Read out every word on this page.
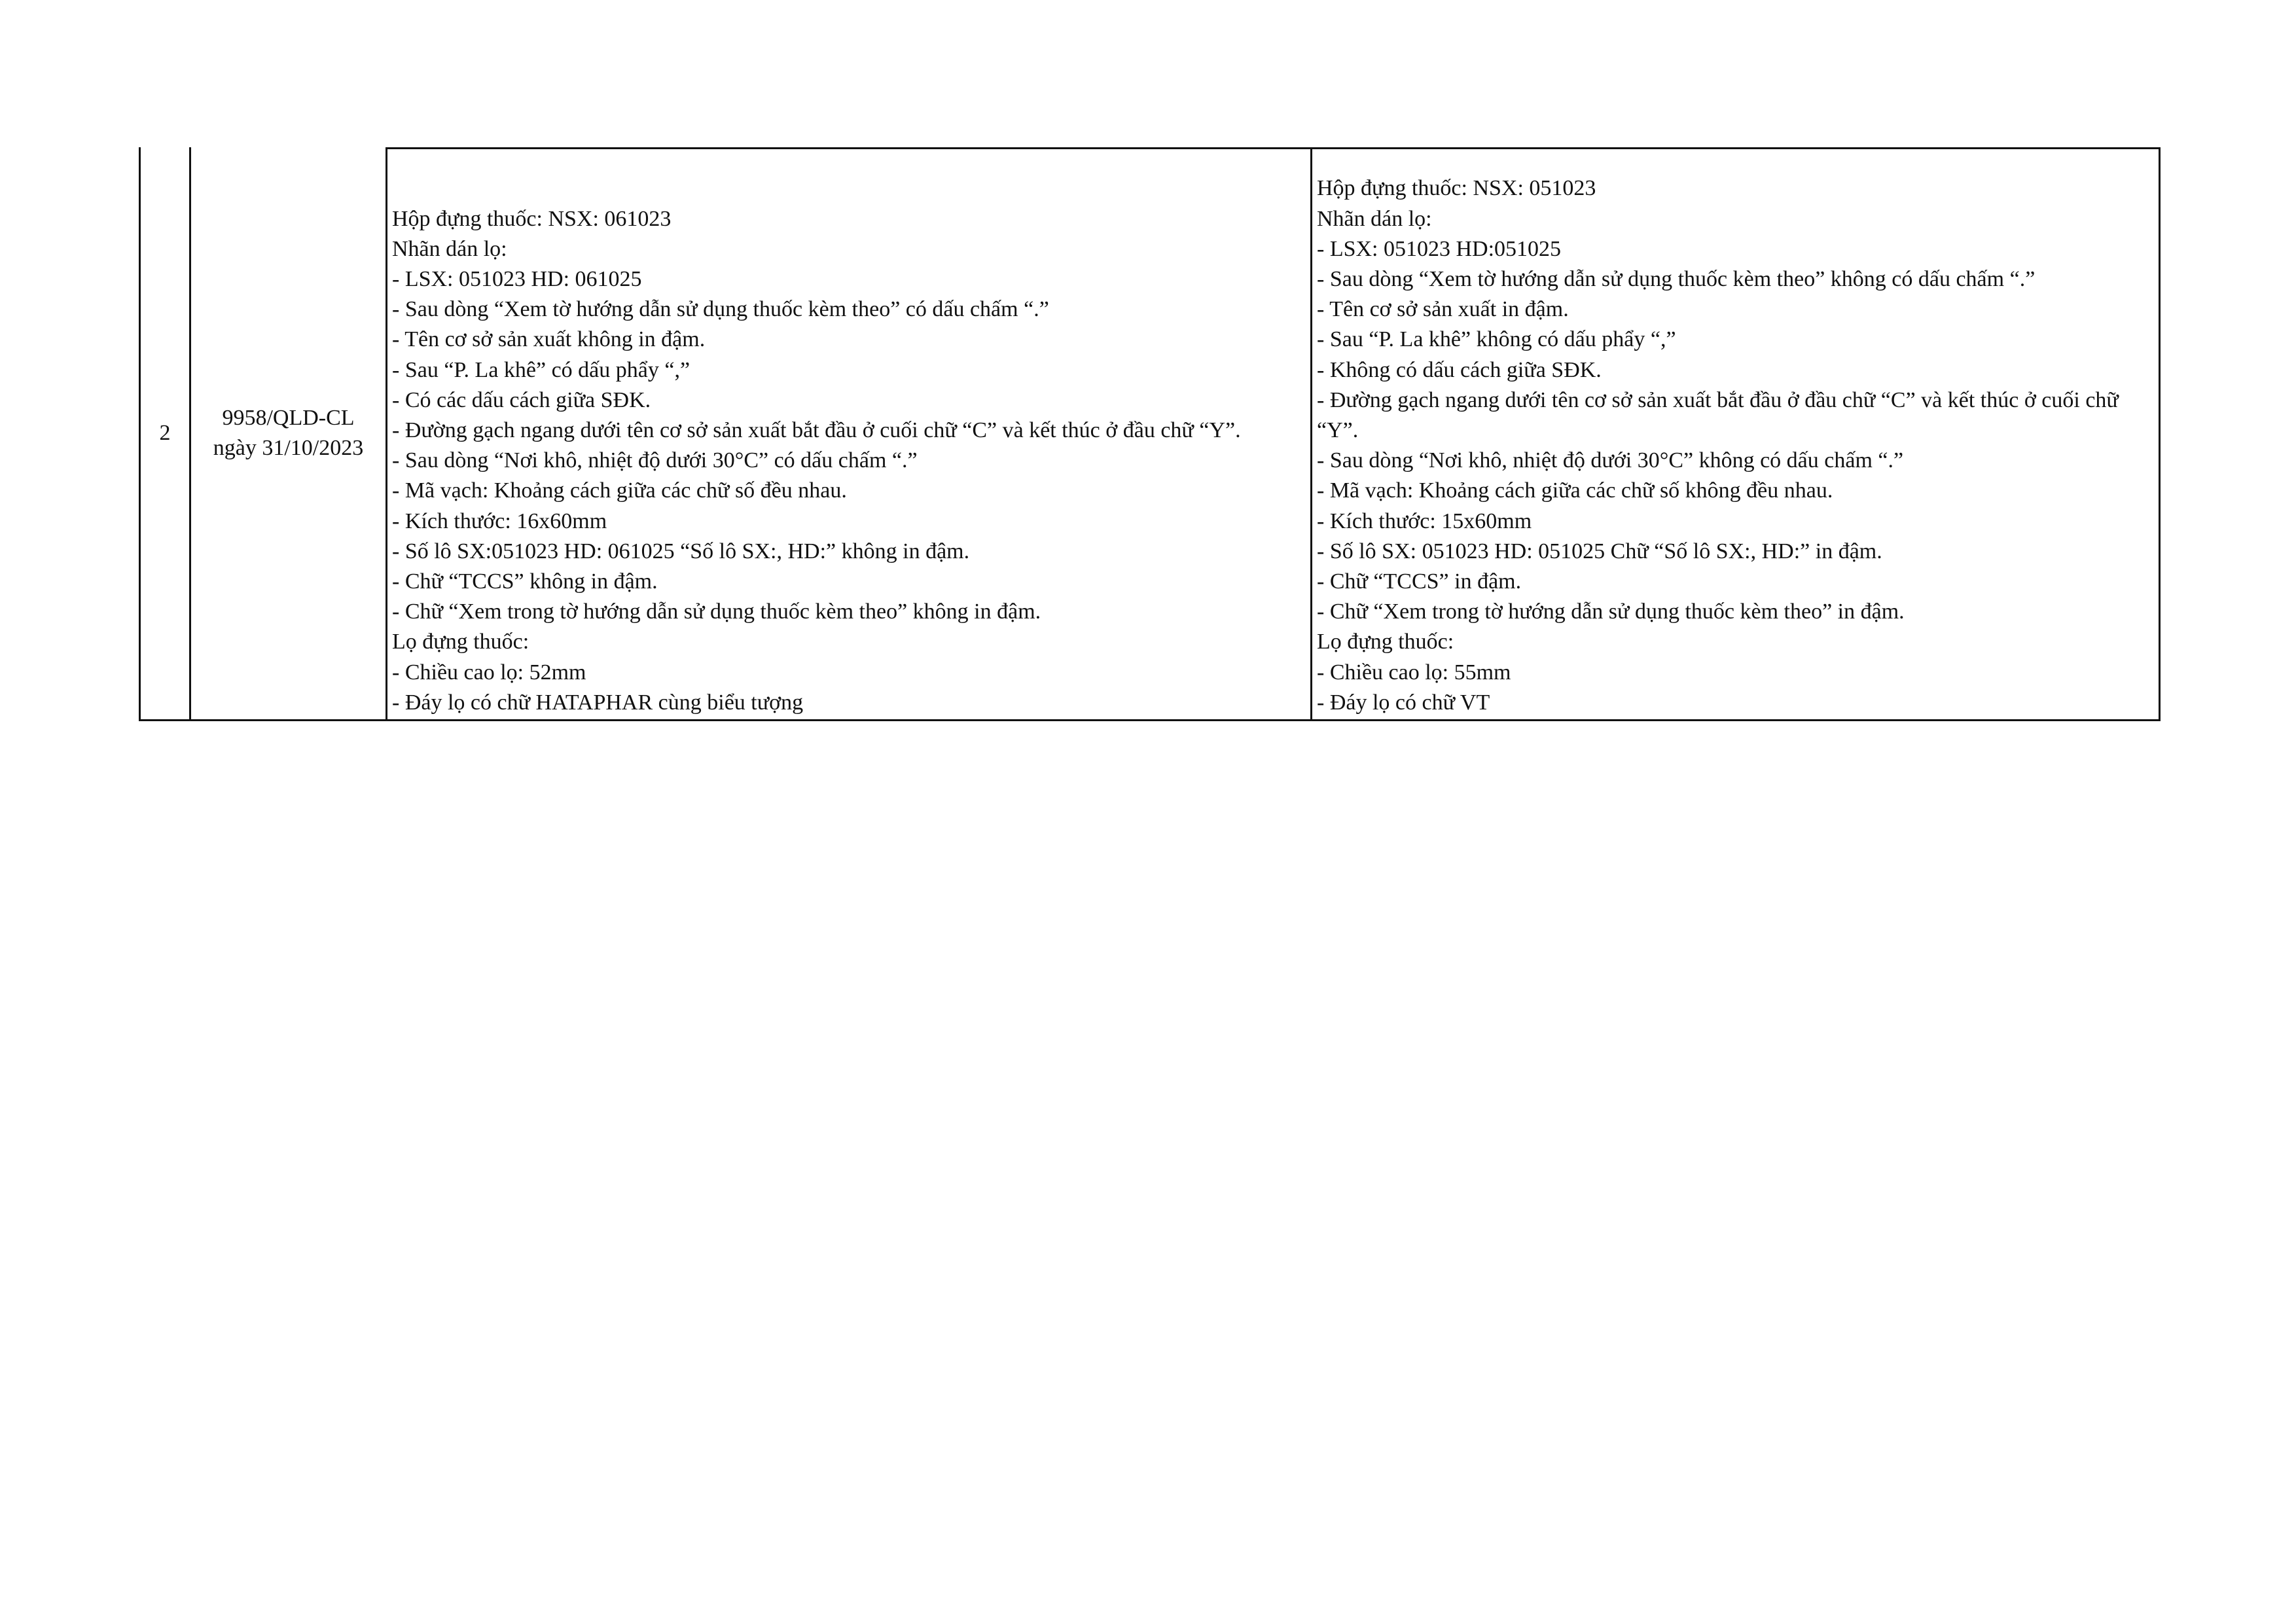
2
9958/QLD-CL
ngày 31/10/2023
Hộp đựng thuốc: NSX: 061023
Nhãn dán lọ:
- LSX: 051023 HD: 061025
- Sau dòng “Xem tờ hướng dẫn sử dụng thuốc kèm theo” có dấu chấm “.”
- Tên cơ sở sản xuất không in đậm.
- Sau “P. La khê” có dấu phẩy “,”
- Có các dấu cách giữa SĐK.
- Đường gạch ngang dưới tên cơ sở sản xuất bắt đầu ở cuối chữ “C” và kết thúc ở đầu chữ “Y”.
- Sau dòng “Nơi khô, nhiệt độ dưới 30°C” có dấu chấm “.”
- Mã vạch: Khoảng cách giữa các chữ số đều nhau.
- Kích thước: 16x60mm
- Số lô SX:051023 HD: 061025 “Số lô SX:, HD:” không in đậm.
- Chữ “TCCS” không in đậm.
- Chữ “Xem trong tờ hướng dẫn sử dụng thuốc kèm theo” không in đậm.
Lọ đựng thuốc:
- Chiều cao lọ: 52mm
- Đáy lọ có chữ HATAPHAR cùng biểu tượng
Hộp đựng thuốc: NSX: 051023
Nhãn dán lọ:
- LSX: 051023 HD:051025
- Sau dòng “Xem tờ hướng dẫn sử dụng thuốc kèm theo” không có dấu chấm “.”
- Tên cơ sở sản xuất in đậm.
- Sau “P. La khê” không có dấu phẩy “,”
- Không có dấu cách giữa SĐK.
- Đường gạch ngang dưới tên cơ sở sản xuất bắt đầu ở đầu chữ “C” và kết thúc ở cuối chữ “Y”.
- Sau dòng “Nơi khô, nhiệt độ dưới 30°C” không có dấu chấm “.”
- Mã vạch: Khoảng cách giữa các chữ số không đều nhau.
- Kích thước: 15x60mm
- Số lô SX: 051023 HD: 051025 Chữ “Số lô SX:, HD:” in đậm.
- Chữ “TCCS” in đậm.
- Chữ “Xem trong tờ hướng dẫn sử dụng thuốc kèm theo” in đậm.
Lọ đựng thuốc:
- Chiều cao lọ: 55mm
- Đáy lọ có chữ VT
